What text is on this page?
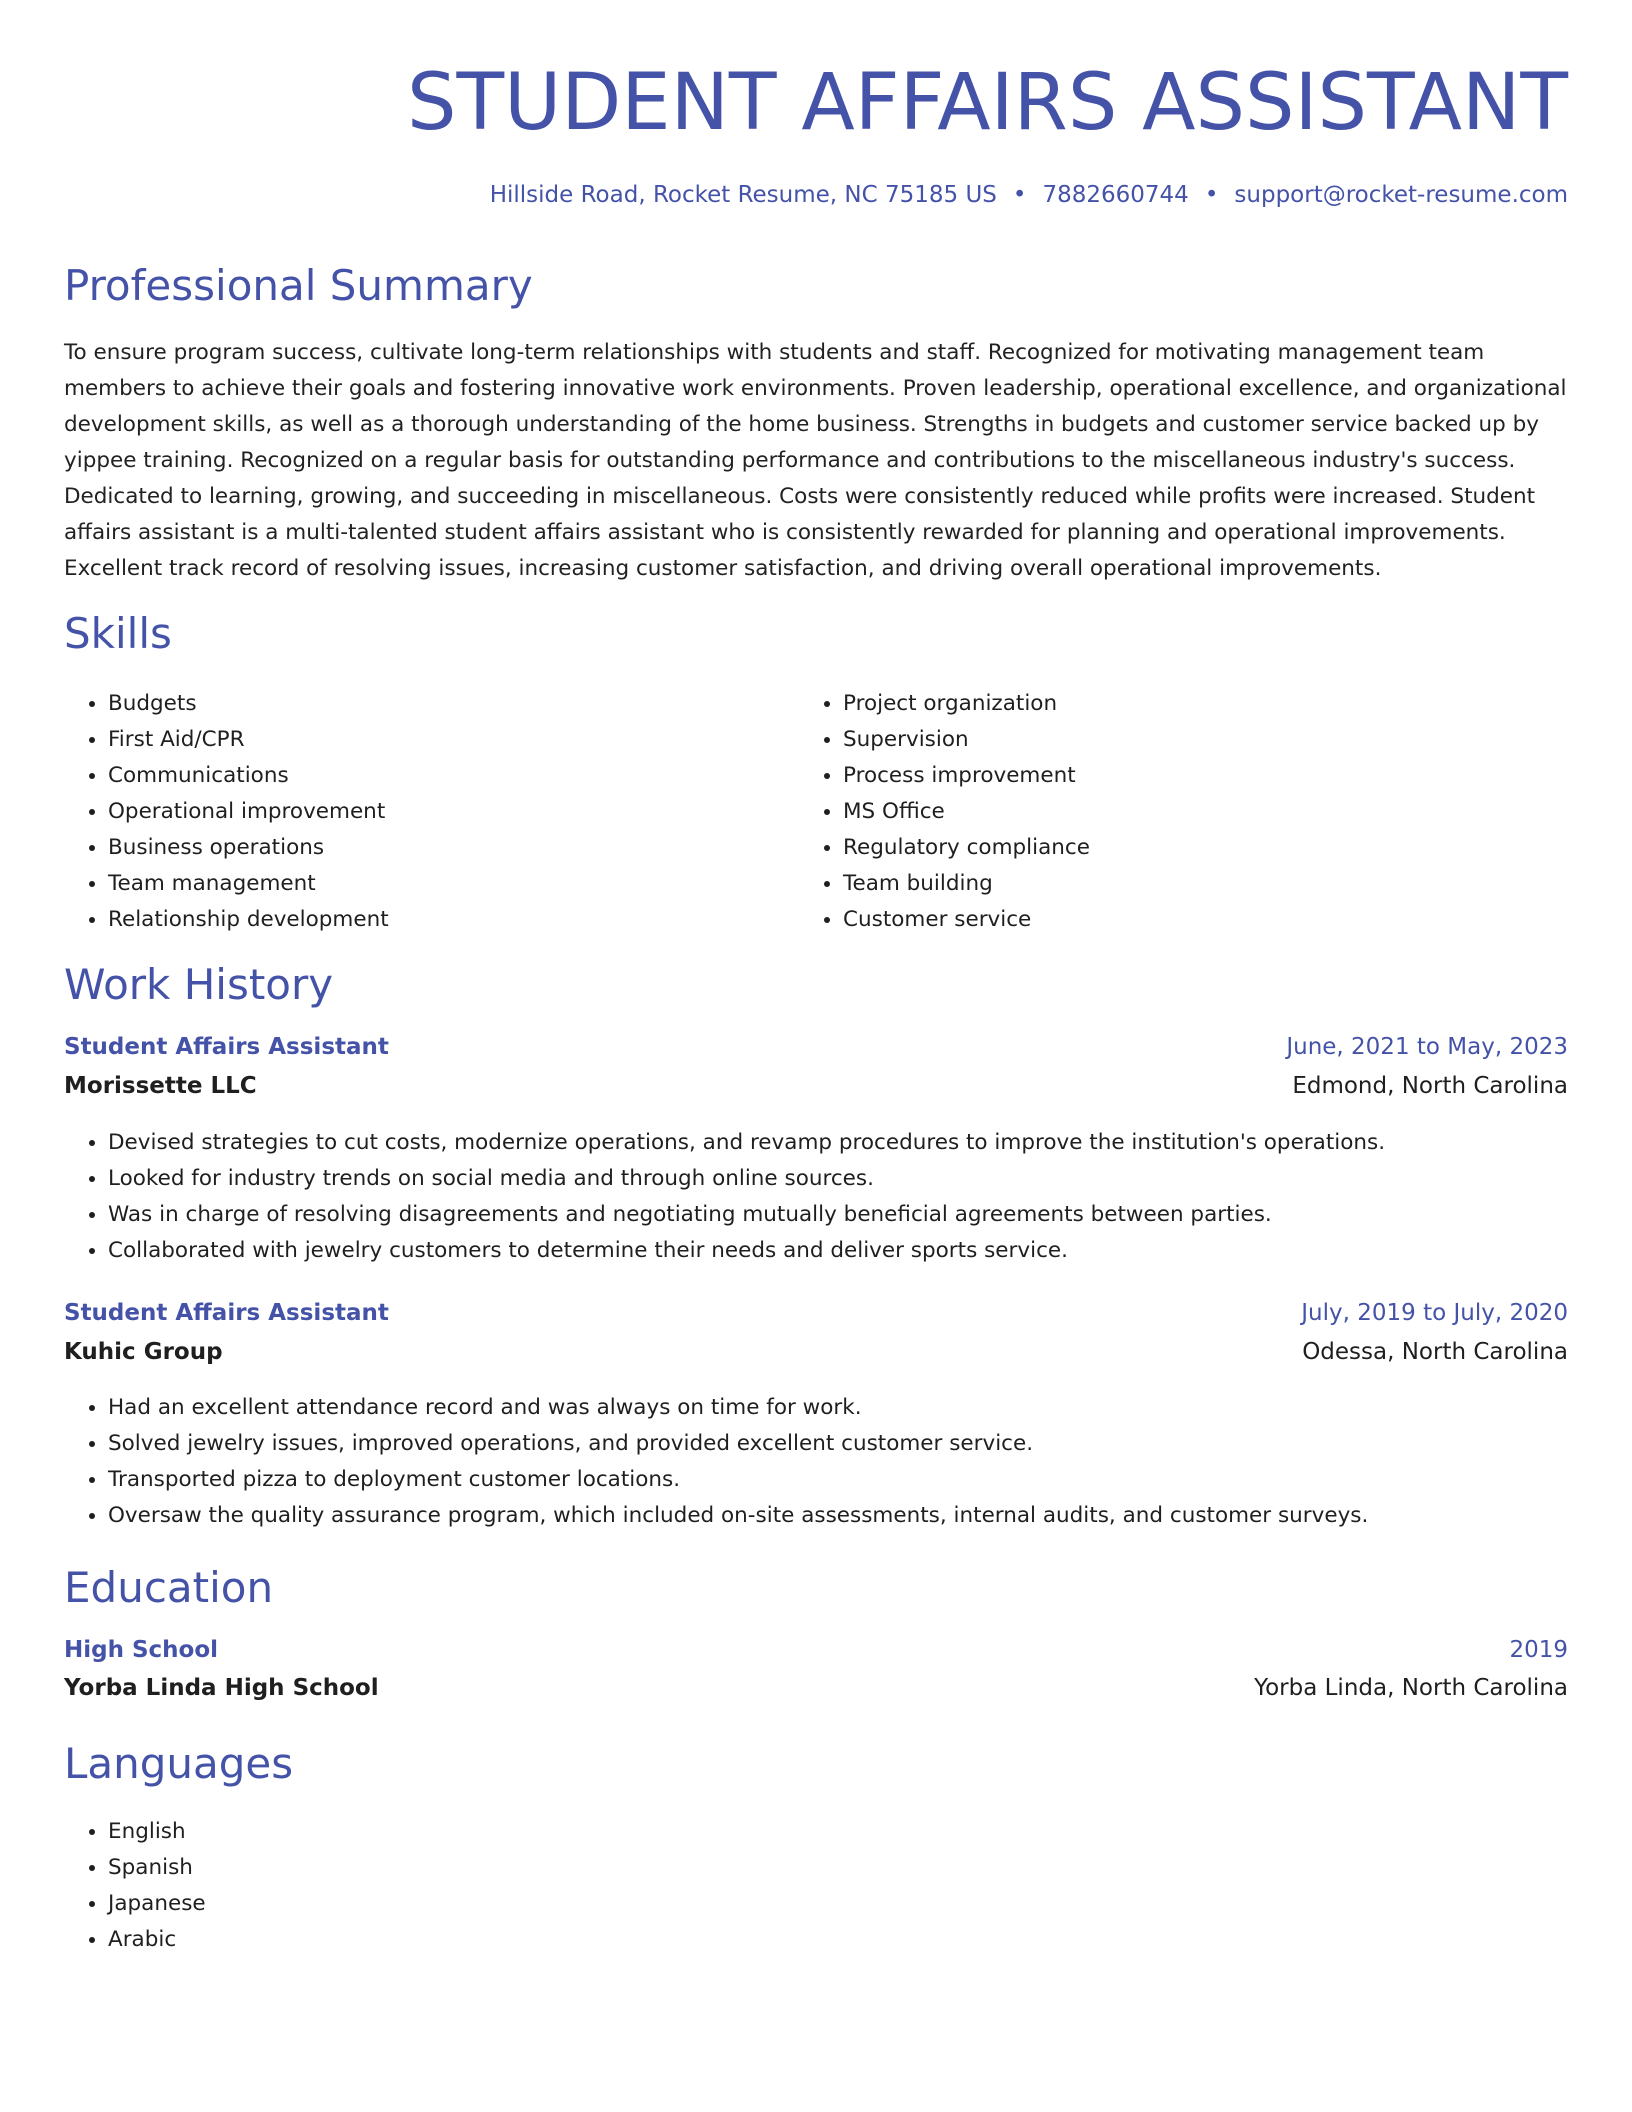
STUDENT AFFAIRS ASSISTANT
Hillside Road, Rocket Resume, NC 75185 US • 7882660744 • support@rocket-resume.com
Professional Summary

To ensure program success, cultivate long-term relationships with students and staff. Recognized for motivating management team members to achieve their goals and fostering innovative work environments. Proven leadership, operational excellence, and organizational development skills, as well as a thorough understanding of the home business. Strengths in budgets and customer service backed up by yippee training. Recognized on a regular basis for outstanding performance and contributions to the miscellaneous industry's success. Dedicated to learning, growing, and succeeding in miscellaneous. Costs were consistently reduced while profits were increased. Student affairs assistant is a multi-talented student affairs assistant who is consistently rewarded for planning and operational improvements. Excellent track record of resolving issues, increasing customer satisfaction, and driving overall operational improvements.

Skills
• Budgets
• First Aid/CPR
• Communications
• Operational improvement
• Business operations
• Team management
• Relationship development
• Project organization
• Supervision
• Process improvement
• MS Office
• Regulatory compliance
• Team building
• Customer service
Work History
Student Affairs Assistant	June, 2021 to May, 2023
Morissette LLC	Edmond, North Carolina
• Devised strategies to cut costs, modernize operations, and revamp procedures to improve the institution's operations.
• Looked for industry trends on social media and through online sources.
• Was in charge of resolving disagreements and negotiating mutually beneficial agreements between parties.
• Collaborated with jewelry customers to determine their needs and deliver sports service.
Student Affairs Assistant	July, 2019 to July, 2020
Kuhic Group	Odessa, North Carolina
• Had an excellent attendance record and was always on time for work.
• Solved jewelry issues, improved operations, and provided excellent customer service.
• Transported pizza to deployment customer locations.
• Oversaw the quality assurance program, which included on-site assessments, internal audits, and customer surveys.
Education
High School	2019
Yorba Linda High School	Yorba Linda, North Carolina
Languages
• English
• Spanish
• Japanese
• Arabic
